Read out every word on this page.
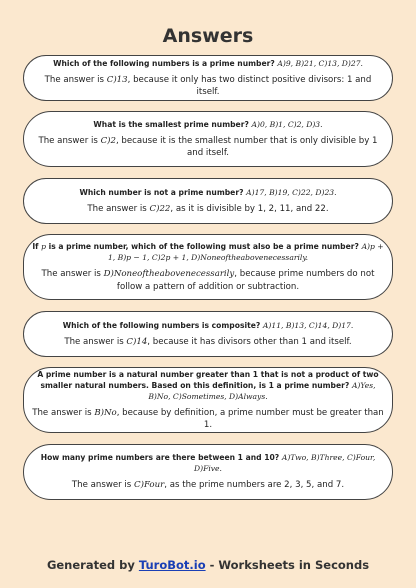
Answers
Which of the following numbers is a prime number? A)9, B)21, C)13, D)27.
The answer is C)13, because it only has two distinct positive divisors: 1 and itself.
What is the smallest prime number? A)0, B)1, C)2, D)3.
The answer is C)2, because it is the smallest number that is only divisible by 1 and itself.
Which number is not a prime number? A)17, B)19, C)22, D)23.
The answer is C)22, as it is divisible by 1, 2, 11, and 22.
If p is a prime number, which of the following must also be a prime number? A)p + 1, B)p − 1, C)2p + 1, D)Noneoftheabovenecessarily.
The answer is D)Noneoftheabovenecessarily, because prime numbers do not follow a pattern of addition or subtraction.
Which of the following numbers is composite? A)11, B)13, C)14, D)17.
The answer is C)14, because it has divisors other than 1 and itself.
A prime number is a natural number greater than 1 that is not a product of two smaller natural numbers. Based on this definition, is 1 a prime number? A)Yes, B)No, C)Sometimes, D)Always.
The answer is B)No, because by definition, a prime number must be greater than 1.
How many prime numbers are there between 1 and 10? A)Two, B)Three, C)Four, D)Five.
The answer is C)Four, as the prime numbers are 2, 3, 5, and 7.
Generated by TuroBot.io - Worksheets in Seconds
